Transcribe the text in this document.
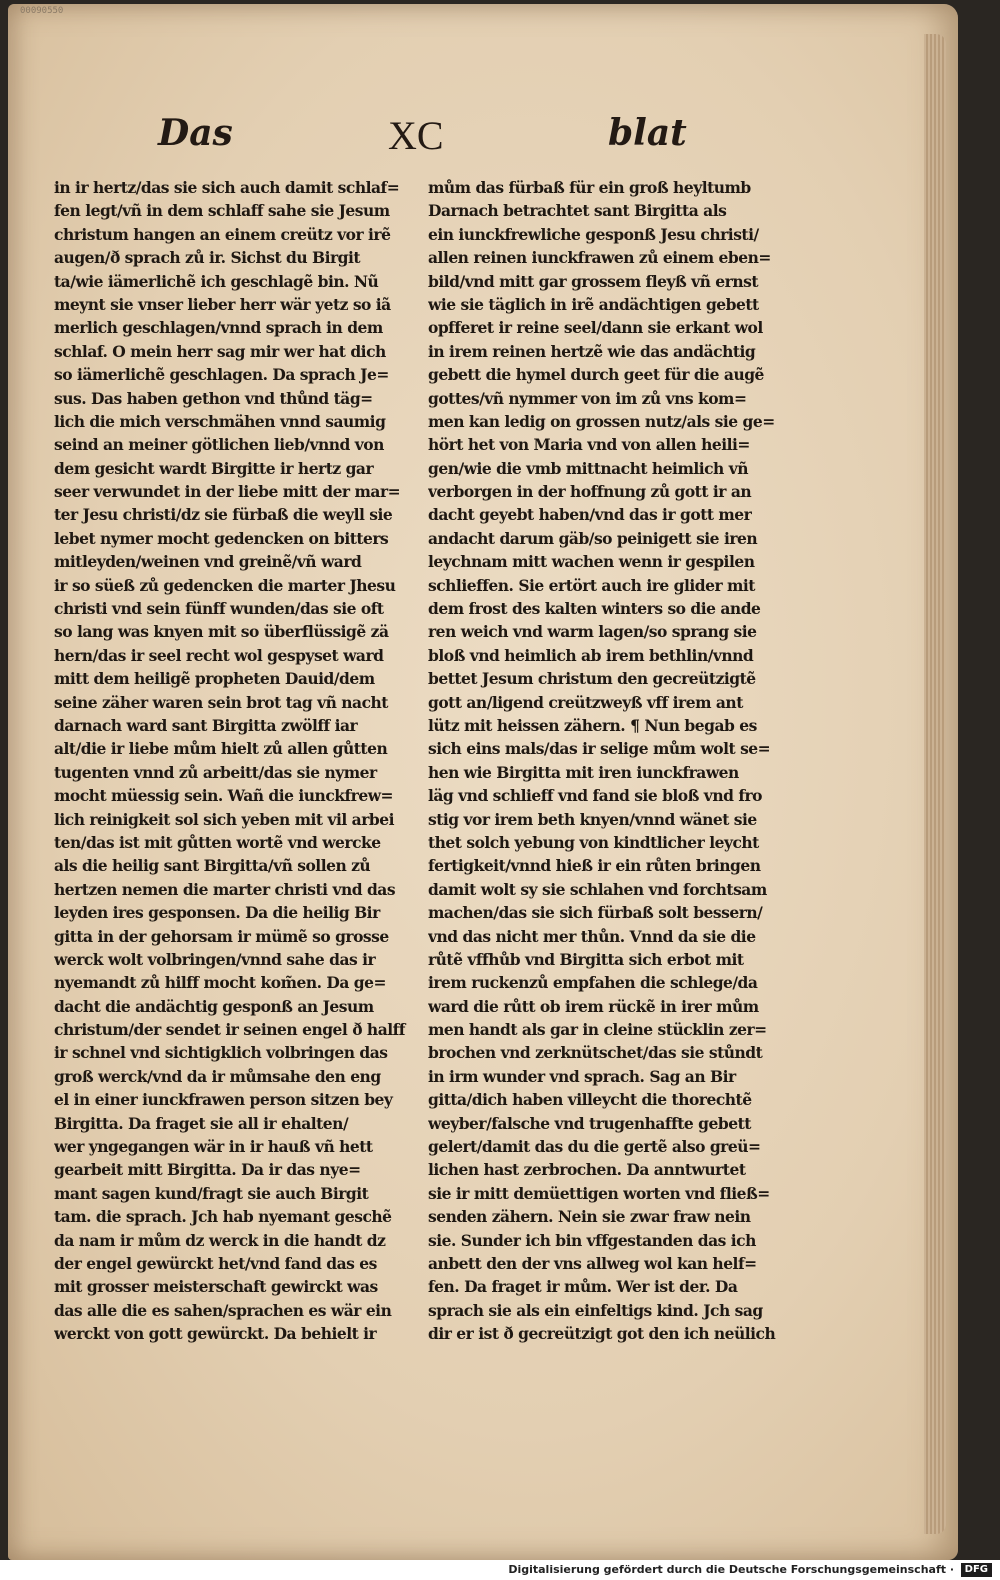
00090550
Das	XC	blat
in ir hertz/das sie sich auch damit schlaf=
fen legt/vñ in dem schlaff sahe sie Jesum
christum hangen an einem creütz vor irẽ
augen/ð sprach zů ir. Sichst du Birgit
ta/wie iämerlichẽ ich geschlagẽ bin. Nũ
meynt sie vnser lieber herr wär yetz so iã
merlich geschlagen/vnnd sprach in dem
schlaf. O mein herr sag mir wer hat dich
so iämerlichẽ geschlagen. Da sprach Je=
sus. Das haben gethon vnd thůnd täg=
lich die mich verschmähen vnnd saumig
seind an meiner götlichen lieb/vnnd von
dem gesicht wardt Birgitte ir hertz gar
seer verwundet in der liebe mitt der mar=
ter Jesu christi/dz sie fürbaß die weyll sie
lebet nymer mocht gedencken on bitters
mitleyden/weinen vnd greinẽ/vñ ward
ir so süeß zů gedencken die marter Jhesu
christi vnd sein fünff wunden/das sie oft
so lang was knyen mit so überflüssigẽ zä
hern/das ir seel recht wol gespyset ward
mitt dem heiligẽ propheten Dauid/dem
seine zäher waren sein brot tag vñ nacht
darnach ward sant Birgitta zwölff iar
alt/die ir liebe mům hielt zů allen gůtten
tugenten vnnd zů arbeitt/das sie nymer
mocht müessig sein. Wañ die iunckfrew=
lich reinigkeit sol sich yeben mit vil arbei
ten/das ist mit gůtten wortẽ vnd wercke
als die heilig sant Birgitta/vñ sollen zů
hertzen nemen die marter christi vnd das
leyden ires gesponsen. Da die heilig Bir
gitta in der gehorsam ir mümẽ so grosse
werck wolt volbringen/vnnd sahe das ir
nyemandt zů hilff mocht kom̃en. Da ge=
dacht die andächtig gesponß an Jesum
christum/der sendet ir seinen engel ð halff
ir schnel vnd sichtigklich volbringen das
groß werck/vnd da ir můmsahe den eng
el in einer iunckfrawen person sitzen bey
Birgitta. Da fraget sie all ir ehalten/
wer yngegangen wär in ir hauß vñ hett
gearbeit mitt Birgitta. Da ir das nye=
mant sagen kund/fragt sie auch Birgit
tam. die sprach. Jch hab nyemant geschẽ
da nam ir mům dz werck in die handt dz
der engel gewürckt het/vnd fand das es
mit grosser meisterschaft gewirckt was
das alle die es sahen/sprachen es wär ein
werckt von gott gewürckt. Da behielt ir
mům das fürbaß für ein groß heyltumb
Darnach betrachtet sant Birgitta als
ein iunckfrewliche gesponß Jesu christi/
allen reinen iunckfrawen zů einem eben=
bild/vnd mitt gar grossem fleyß vñ ernst
wie sie täglich in irẽ andächtigen gebett
opfferet ir reine seel/dann sie erkant wol
in irem reinen hertzẽ wie das andächtig
gebett die hymel durch geet für die augẽ
gottes/vñ nymmer von im zů vns kom=
men kan ledig on grossen nutz/als sie ge=
hört het von Maria vnd von allen heili=
gen/wie die vmb mittnacht heimlich vñ
verborgen in der hoffnung zů gott ir an
dacht geyebt haben/vnd das ir gott mer
andacht darum gäb/so peinigett sie iren
leychnam mitt wachen wenn ir gespilen
schlieffen. Sie ertört auch ire glider mit
dem frost des kalten winters so die ande
ren weich vnd warm lagen/so sprang sie
bloß vnd heimlich ab irem bethlin/vnnd
bettet Jesum christum den gecreützigtẽ
gott an/ligend creützweyß vff irem ant
lütz mit heissen zähern. ¶ Nun begab es
sich eins mals/das ir selige mům wolt se=
hen wie Birgitta mit iren iunckfrawen
läg vnd schlieff vnd fand sie bloß vnd fro
stig vor irem beth knyen/vnnd wänet sie
thet solch yebung von kindtlicher leycht
fertigkeit/vnnd hieß ir ein růten bringen
damit wolt sy sie schlahen vnd forchtsam
machen/das sie sich fürbaß solt bessern/
vnd das nicht mer thůn. Vnnd da sie die
růtẽ vffhůb vnd Birgitta sich erbot mit
irem ruckenzů empfahen die schlege/da
ward die růtt ob irem rückẽ in irer mům
men handt als gar in cleine stücklin zer=
brochen vnd zerknütschet/das sie stůndt
in irm wunder vnd sprach. Sag an Bir
gitta/dich haben villeycht die thorechtẽ
weyber/falsche vnd trugenhaffte gebett
gelert/damit das du die gertẽ also greü=
lichen hast zerbrochen. Da anntwurtet
sie ir mitt demüettigen worten vnd fließ=
senden zähern. Nein sie zwar fraw nein
sie. Sunder ich bin vffgestanden das ich
anbett den der vns allweg wol kan helf=
fen. Da fraget ir mům. Wer ist der. Da
sprach sie als ein einfeltigs kind. Jch sag
dir er ist ð gecreützigt got den ich neülich
Digitalisierung gefördert durch die Deutsche Forschungsgemeinschaft ·	DFG
